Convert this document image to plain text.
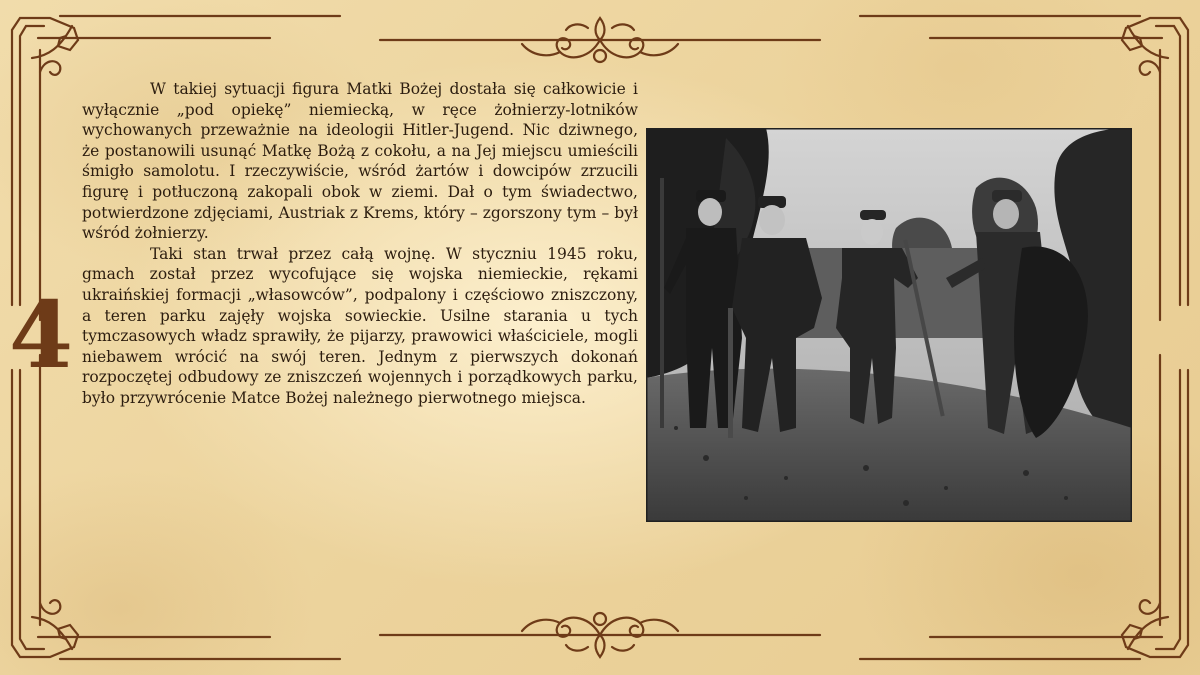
4

W takiej sytuacji figura Matki Bożej dostała się całkowicie i wyłącznie „pod opiekę” niemiecką, w ręce żołnierzy-lotników wychowanych przeważnie na ideologii Hitler-Jugend. Nic dziwnego, że postanowili usunąć Matkę Bożą z cokołu, a na Jej miejscu umieścili śmigło samolotu. I rzeczywiście, wśród żartów i dowcipów zrzucili figurę i potłuczoną zakopali obok w ziemi. Dał o tym świadectwo, potwierdzone zdjęciami, Austriak z Krems, który – zgorszony tym – był wśród żołnierzy.

Taki stan trwał przez całą wojnę. W styczniu 1945 roku, gmach został przez wycofujące się wojska niemieckie, rękami ukraińskiej formacji „własowców”, podpalony i częściowo zniszczony, a teren parku zajęły wojska sowieckie. Usilne starania u tych tymczasowych władz sprawiły, że pijarzy, prawowici właściciele, mogli niebawem wrócić na swój teren. Jednym z pierwszych dokonań rozpoczętej odbudowy ze zniszczeń wojennych i porządkowych parku, było przywrócenie Matce Bożej należnego pierwotnego miejsca.
